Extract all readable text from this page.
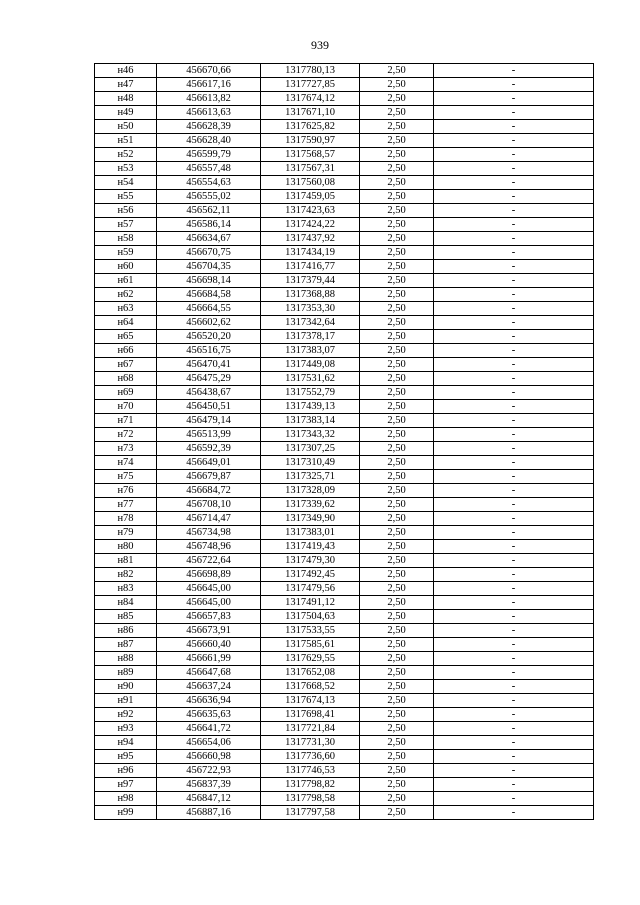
939
н46	456670,66	1317780,13	2,50	-
н47	456617,16	1317727,85	2,50	-
н48	456613,82	1317674,12	2,50	-
н49	456613,63	1317671,10	2,50	-
н50	456628,39	1317625,82	2,50	-
н51	456628,40	1317590,97	2,50	-
н52	456599,79	1317568,57	2,50	-
н53	456557,48	1317567,31	2,50	-
н54	456554,63	1317560,08	2,50	-
н55	456555,02	1317459,05	2,50	-
н56	456562,11	1317423,63	2,50	-
н57	456586,14	1317424,22	2,50	-
н58	456634,67	1317437,92	2,50	-
н59	456670,75	1317434,19	2,50	-
н60	456704,35	1317416,77	2,50	-
н61	456698,14	1317379,44	2,50	-
н62	456684,58	1317368,88	2,50	-
н63	456664,55	1317353,30	2,50	-
н64	456602,62	1317342,64	2,50	-
н65	456520,20	1317378,17	2,50	-
н66	456516,75	1317383,07	2,50	-
н67	456470,41	1317449,08	2,50	-
н68	456475,29	1317531,62	2,50	-
н69	456438,67	1317552,79	2,50	-
н70	456450,51	1317439,13	2,50	-
н71	456479,14	1317383,14	2,50	-
н72	456513,99	1317343,32	2,50	-
н73	456592,39	1317307,25	2,50	-
н74	456649,01	1317310,49	2,50	-
н75	456679,87	1317325,71	2,50	-
н76	456684,72	1317328,09	2,50	-
н77	456708,10	1317339,62	2,50	-
н78	456714,47	1317349,90	2,50	-
н79	456734,98	1317383,01	2,50	-
н80	456748,96	1317419,43	2,50	-
н81	456722,64	1317479,30	2,50	-
н82	456698,89	1317492,45	2,50	-
н83	456645,00	1317479,56	2,50	-
н84	456645,00	1317491,12	2,50	-
н85	456657,83	1317504,63	2,50	-
н86	456673,91	1317533,55	2,50	-
н87	456660,40	1317585,61	2,50	-
н88	456661,99	1317629,55	2,50	-
н89	456647,68	1317652,08	2,50	-
н90	456637,24	1317668,52	2,50	-
н91	456636,94	1317674,13	2,50	-
н92	456635,63	1317698,41	2,50	-
н93	456641,72	1317721,84	2,50	-
н94	456654,06	1317731,30	2,50	-
н95	456660,98	1317736,60	2,50	-
н96	456722,93	1317746,53	2,50	-
н97	456837,39	1317798,82	2,50	-
н98	456847,12	1317798,58	2,50	-
н99	456887,16	1317797,58	2,50	-
